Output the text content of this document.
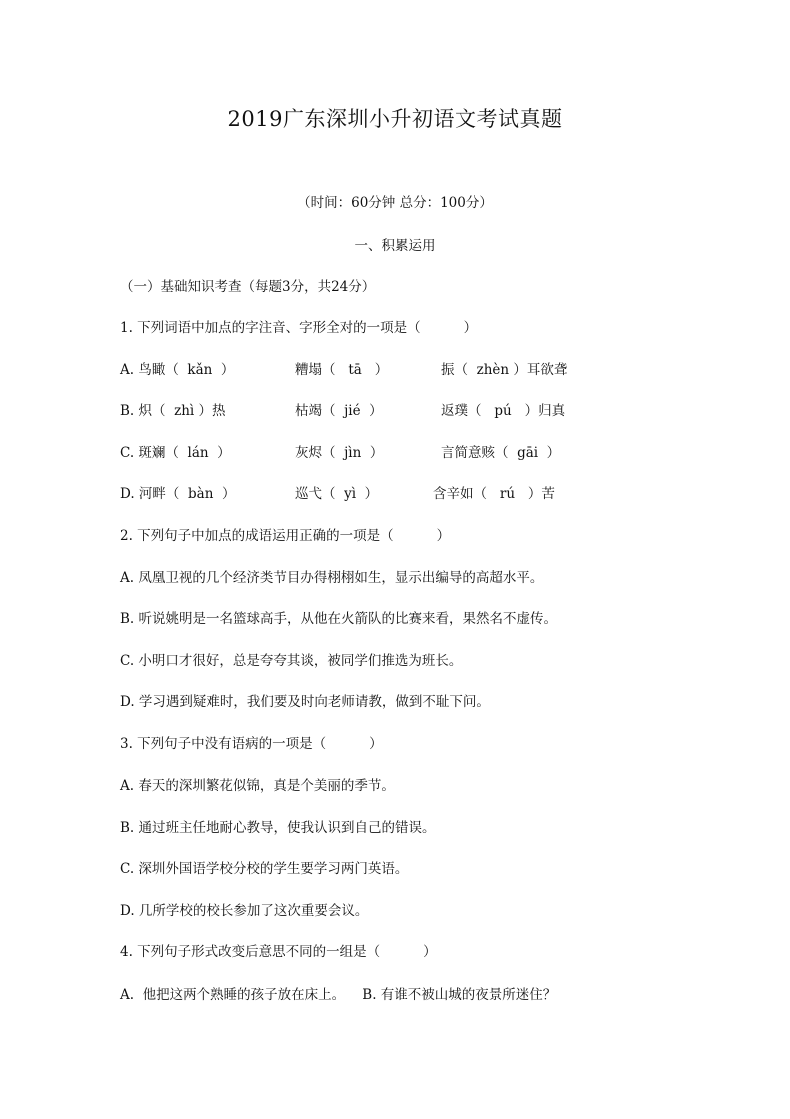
2019广东深圳小升初语文考试真题
（时间：60分钟 总分：100分）
一、积累运用
（一）基础知识考查（每题3分，共24分）
1. 下列词语中加点的字注音、字形全对的一项是（          ）

A. 鸟瞰（  kǎn  ）

	糟塌（   tā   ）

	振（  zhèn ）耳欲聋

B. 炽（  zhì ）热

	枯竭（  jié  ）

	返璞（   pú   ）归真

C. 斑斓（  lán  ）

	灰烬（  jìn  ）

	言简意赅（  gāi  ）

D. 河畔（  bàn  ）

	巡弋（  yì  ）

	含辛如（   rú   ）苦

2. 下列句子中加点的成语运用正确的一项是（          ）
A. 凤凰卫视的几个经济类节目办得栩栩如生，显示出编导的高超水平。
B. 听说姚明是一名篮球高手，从他在火箭队的比赛来看，果然名不虚传。
C. 小明口才很好，总是夸夸其谈，被同学们推选为班长。
D. 学习遇到疑难时，我们要及时向老师请教，做到不耻下问。
3. 下列句子中没有语病的一项是（          ）
A. 春天的深圳繁花似锦，真是个美丽的季节。
B. 通过班主任地耐心教导，使我认识到自己的错误。
C. 深圳外国语学校分校的学生要学习两门英语。
D. 几所学校的校长参加了这次重要会议。
4. 下列句子形式改变后意思不同的一组是（          ）
A.  他把这两个熟睡的孩子放在床上。    B. 有谁不被山城的夜景所迷住？
